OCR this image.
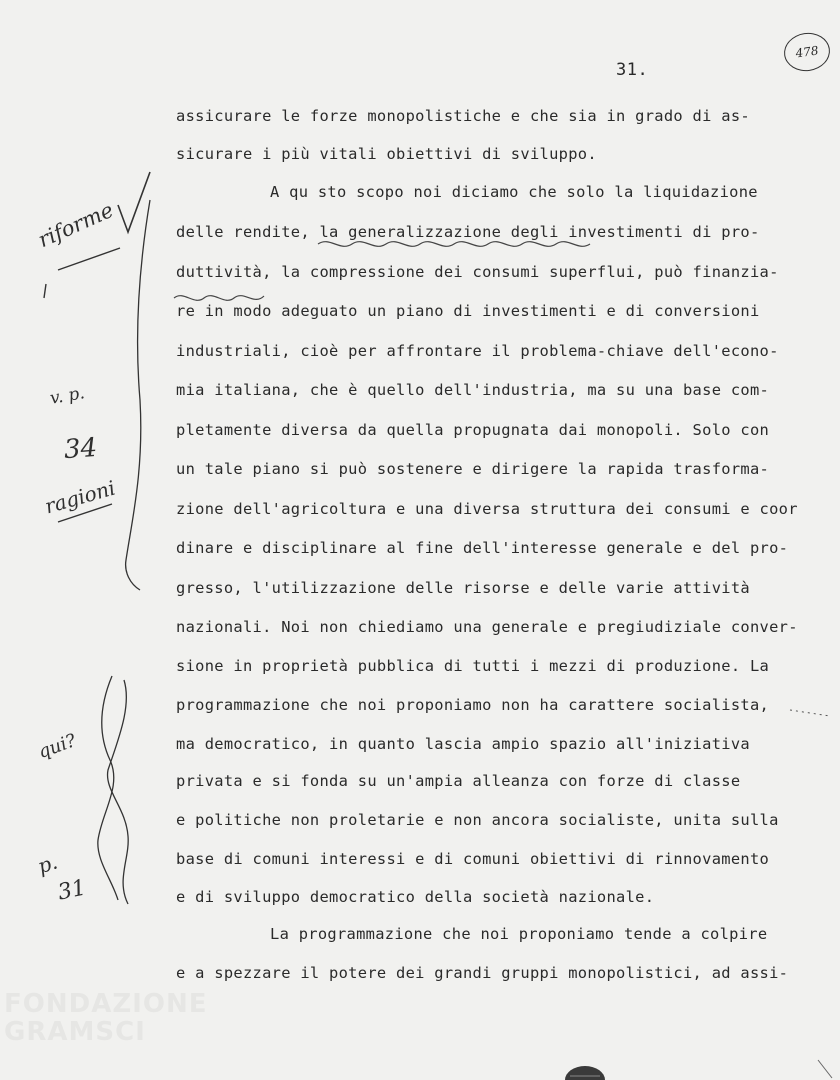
478
31.
assicurare le forze monopolistiche e che sia in grado di as-
sicurare i più vitali obiettivi di sviluppo.
A qu sto scopo noi diciamo che solo la liquidazione
delle rendite, la generalizzazione degli investimenti di pro-
duttività, la compressione dei consumi superflui, può finanzia-
re in modo adeguato un piano di investimenti e di conversioni
industriali, cioè per affrontare il problema-chiave dell'econo-
mia italiana, che è quello dell'industria, ma su una base com-
pletamente diversa da quella propugnata dai monopoli. Solo con
un tale piano si può sostenere e dirigere la rapida trasforma-
zione dell'agricoltura e una diversa struttura dei consumi e coor
dinare e disciplinare al fine dell'interesse generale e del pro-
gresso, l'utilizzazione delle risorse e delle varie attività
nazionali. Noi non chiediamo una generale e pregiudiziale conver-
sione in proprietà pubblica di tutti i mezzi di produzione. La
programmazione che noi proponiamo non ha carattere socialista,
ma democratico, in quanto lascia ampio spazio all'iniziativa
privata e si fonda su un'ampia alleanza con forze di classe
e politiche non proletarie e non ancora socialiste, unita sulla
base di comuni interessi e di comuni obiettivi di rinnovamento
e di sviluppo democratico della società nazionale.
La programmazione che noi proponiamo tende a colpire
e a spezzare il potere dei grandi gruppi monopolistici, ad assi-
riforme
v. p.
34
ragioni
qui?
p.
31
FONDAZIONE
GRAMSCI
